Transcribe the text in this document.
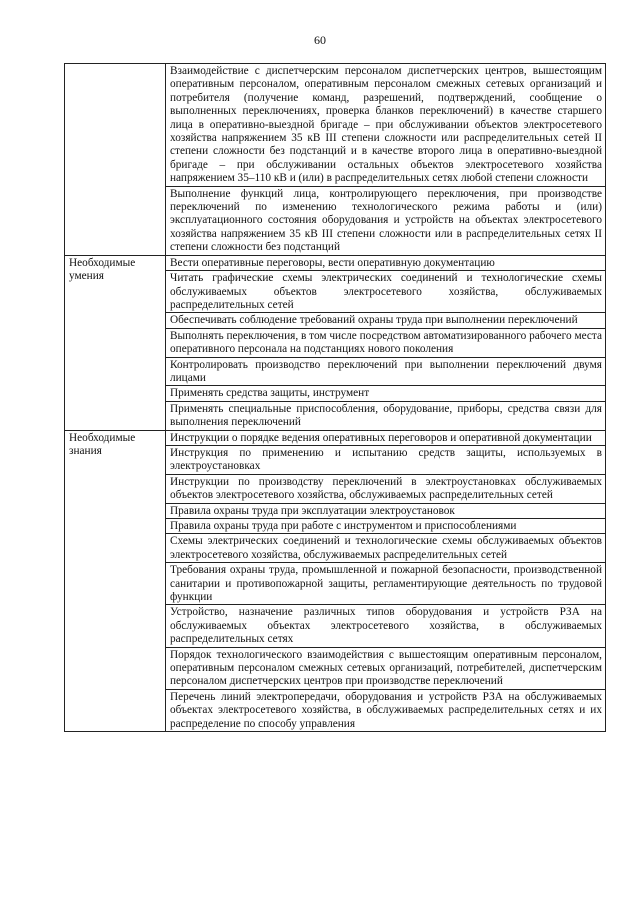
60
	Взаимодействие с диспетчерским персоналом диспетчерских центров, вышестоящим оперативным персоналом, оперативным персоналом смежных сетевых организаций и потребителя (получение команд, разрешений, подтверждений, сообщение о выполненных переключениях, проверка бланков переключений) в качестве старшего лица в оперативно-выездной бригаде – при обслуживании объектов электросетевого хозяйства напряжением 35 кВ III степени сложности или распределительных сетей II степени сложности без подстанций и в качестве второго лица в оперативно-выездной бригаде – при обслуживании остальных объектов электросетевого хозяйства напряжением 35–110 кВ и (или) в распределительных сетях любой степени сложности
	Выполнение функций лица, контролирующего переключения, при производстве переключений по изменению технологического режима работы и (или) эксплуатационного состояния оборудования и устройств на объектах электросетевого хозяйства напряжением 35 кВ III степени сложности или в распределительных сетях II степени сложности без подстанций
Необходимые умения	Вести оперативные переговоры, вести оперативную документацию
	Читать графические схемы электрических соединений и технологические схемы обслуживаемых объектов электросетевого хозяйства, обслуживаемых распределительных сетей
	Обеспечивать соблюдение требований охраны труда при выполнении переключений
	Выполнять переключения, в том числе посредством автоматизированного рабочего места оперативного персонала на подстанциях нового поколения
	Контролировать производство переключений при выполнении переключений двумя лицами
	Применять средства защиты, инструмент
	Применять специальные приспособления, оборудование, приборы, средства связи для выполнения переключений
Необходимые знания	Инструкции о порядке ведения оперативных переговоров и оперативной документации
	Инструкция по применению и испытанию средств защиты, используемых в электроустановках
	Инструкции по производству переключений в электроустановках обслуживаемых объектов электросетевого хозяйства, обслуживаемых распределительных сетей
	Правила охраны труда при эксплуатации электроустановок
	Правила охраны труда при работе с инструментом и приспособлениями
	Схемы электрических соединений и технологические схемы обслуживаемых объектов электросетевого хозяйства, обслуживаемых распределительных сетей
	Требования охраны труда, промышленной и пожарной безопасности, производственной санитарии и противопожарной защиты, регламентирующие деятельность по трудовой функции
	Устройство, назначение различных типов оборудования и устройств РЗА на обслуживаемых объектах электросетевого хозяйства, в обслуживаемых распределительных сетях
	Порядок технологического взаимодействия с вышестоящим оперативным персоналом, оперативным персоналом смежных сетевых организаций, потребителей, диспетчерским персоналом диспетчерских центров при производстве переключений
	Перечень линий электропередачи, оборудования и устройств РЗА на обслуживаемых объектах электросетевого хозяйства, в обслуживаемых распределительных сетях и их распределение по способу управления
